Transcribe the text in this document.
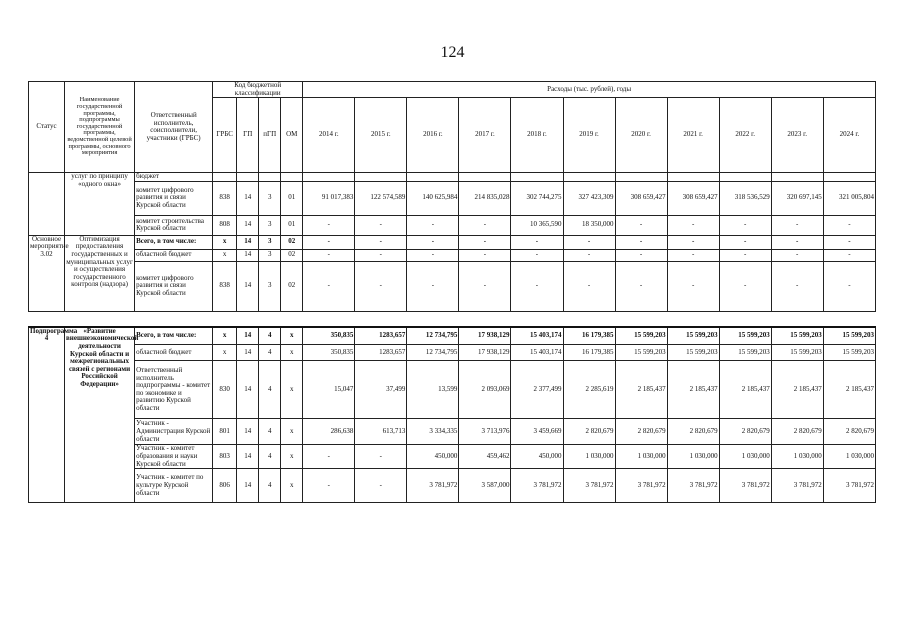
124
Статус	Наименование государственной программы, подпрограммы государственной программы, ведомственной целевой программы, основного мероприятия	Ответственный исполнитель, соисполнители, участники (ГРБС)	Код бюджетной классификации				Расходы (тыс. рублей), годы										
			ГРБС	ГП	пГП	ОМ	2014 г.	2015 г.	2016 г.	2017 г.	2018 г.	2019 г.	2020 г.	2021 г.	2022 г.	2023 г.	2024 г.
	услуг по принципу «одного окна»	бюджет															
		комитет цифрового развития и связи Курской области	838	14	3	01	91 017,383	122 574,589	140 625,984	214 835,028	302 744,275	327 423,309	308 659,427	308 659,427	318 536,529	320 697,145	321 005,804
		комитет строительства Курской области	808	14	3	01	-	-	-	-	10 365,590	18 350,000	-	-	-	-	-
Основное мероприятие 3.02	Оптимизация предоставления государственных и муниципальных услуг и осуществления государственного контроля (надзора)	Всего, в том числе:	х	14	3	02	-	-	-	-	-	-	-	-	-	-	-
		областной бюджет	х	14	3	02	-	-	-	-	-	-	-	-	-	-	-
		комитет цифрового развития и связи Курской области	838	14	3	02	-	-	-	-	-	-	-	-	-	-	-

Подпрограмма 4	«Развитие внешнеэкономической деятельности Курской области и межрегиональных связей с регионами Российской Федерации»	Всего, в том числе:	х	14	4	х	350,835	1283,657	12 734,795	17 938,129	15 403,174	16 179,385	15 599,203	15 599,203	15 599,203	15 599,203	15 599,203
		областной бюджет	х	14	4	х	350,835	1283,657	12 734,795	17 938,129	15 403,174	16 179,385	15 599,203	15 599,203	15 599,203	15 599,203	15 599,203
		Ответственный исполнитель подпрограммы - комитет по экономике и развитию Курской области	830	14	4	х	15,047	37,499	13,599	2 093,069	2 377,499	2 285,619	2 185,437	2 185,437	2 185,437	2 185,437	2 185,437
		Участник - Администрация Курской области	801	14	4	х	286,638	613,713	3 334,335	3 713,976	3 459,669	2 820,679	2 820,679	2 820,679	2 820,679	2 820,679	2 820,679
		Участник - комитет образования и науки Курской области	803	14	4	х	-	-	450,000	459,462	450,000	1 030,000	1 030,000	1 030,000	1 030,000	1 030,000	1 030,000
		Участник - комитет по культуре Курской области	806	14	4	х	-	-	3 781,972	3 587,000	3 781,972	3 781,972	3 781,972	3 781,972	3 781,972	3 781,972	3 781,972
